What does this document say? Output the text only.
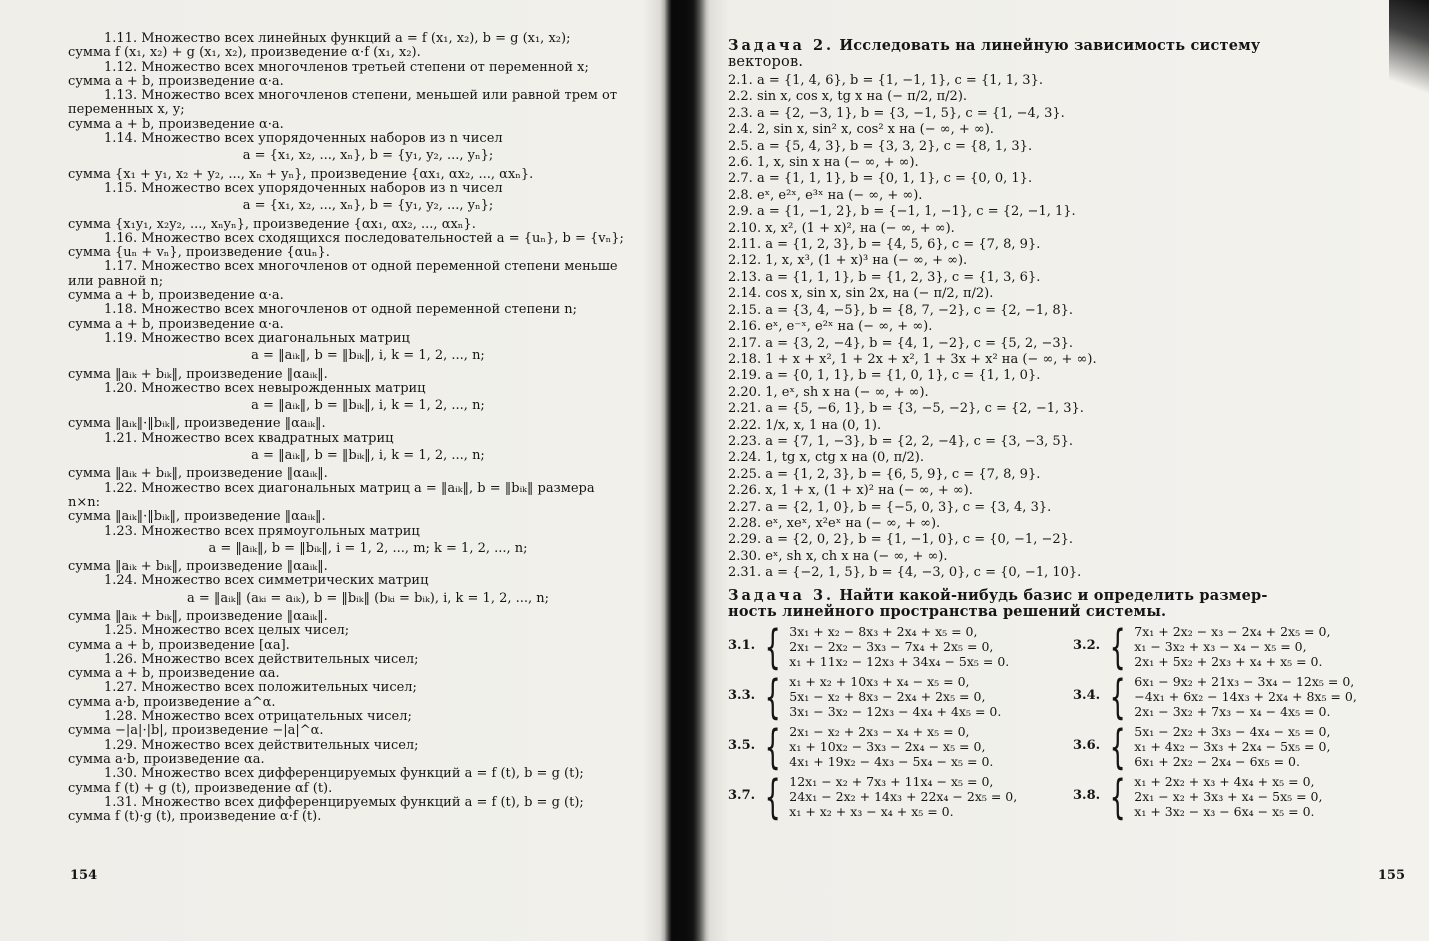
1.11. Множество всех линейных функций a = f (x₁, x₂), b = g (x₁, x₂);
сумма f (x₁, x₂) + g (x₁, x₂), произведение α·f (x₁, x₂).
1.12. Множество всех многочленов третьей степени от переменной x;
сумма a + b, произведение α·a.
1.13. Множество всех многочленов степени, меньшей или равной трем от
переменных x, y;
сумма a + b, произведение α·a.
1.14. Множество всех упорядоченных наборов из n чисел
a = {x₁, x₂, ..., xₙ}, b = {y₁, y₂, ..., yₙ};
сумма {x₁ + y₁, x₂ + y₂, ..., xₙ + yₙ}, произведение {αx₁, αx₂, ..., αxₙ}.
1.15. Множество всех упорядоченных наборов из n чисел
a = {x₁, x₂, ..., xₙ}, b = {y₁, y₂, ..., yₙ};
сумма {x₁y₁, x₂y₂, ..., xₙyₙ}, произведение {αx₁, αx₂, ..., αxₙ}.
1.16. Множество всех сходящихся последовательностей a = {uₙ}, b = {vₙ};
сумма {uₙ + vₙ}, произведение {αuₙ}.
1.17. Множество всех многочленов от одной переменной степени меньше
или равной n;
сумма a + b, произведение α·a.
1.18. Множество всех многочленов от одной переменной степени n;
сумма a + b, произведение α·a.
1.19. Множество всех диагональных матриц
a = ‖aᵢₖ‖, b = ‖bᵢₖ‖, i, k = 1, 2, ..., n;
сумма ‖aᵢₖ + bᵢₖ‖, произведение ‖αaᵢₖ‖.
1.20. Множество всех невырожденных матриц
a = ‖aᵢₖ‖, b = ‖bᵢₖ‖, i, k = 1, 2, ..., n;
сумма ‖aᵢₖ‖·‖bᵢₖ‖, произведение ‖αaᵢₖ‖.
1.21. Множество всех квадратных матриц
a = ‖aᵢₖ‖, b = ‖bᵢₖ‖, i, k = 1, 2, ..., n;
сумма ‖aᵢₖ + bᵢₖ‖, произведение ‖αaᵢₖ‖.
1.22. Множество всех диагональных матриц a = ‖aᵢₖ‖, b = ‖bᵢₖ‖ размера
n×n:
сумма ‖aᵢₖ‖·‖bᵢₖ‖, произведение ‖αaᵢₖ‖.
1.23. Множество всех прямоугольных матриц
a = ‖aᵢₖ‖, b = ‖bᵢₖ‖, i = 1, 2, ..., m; k = 1, 2, ..., n;
сумма ‖aᵢₖ + bᵢₖ‖, произведение ‖αaᵢₖ‖.
1.24. Множество всех симметрических матриц
a = ‖aᵢₖ‖ (aₖᵢ = aᵢₖ), b = ‖bᵢₖ‖ (bₖᵢ = bᵢₖ), i, k = 1, 2, ..., n;
сумма ‖aᵢₖ + bᵢₖ‖, произведение ‖αaᵢₖ‖.
1.25. Множество всех целых чисел;
сумма a + b, произведение [αa].
1.26. Множество всех действительных чисел;
сумма a + b, произведение αa.
1.27. Множество всех положительных чисел;
сумма a·b, произведение a^α.
1.28. Множество всех отрицательных чисел;
сумма −|a|·|b|, произведение −|a|^α.
1.29. Множество всех действительных чисел;
сумма a·b, произведение αa.
1.30. Множество всех дифференцируемых функций a = f (t), b = g (t);
сумма f (t) + g (t), произведение αf (t).
1.31. Множество всех дифференцируемых функций a = f (t), b = g (t);
сумма f (t)·g (t), произведение α·f (t).
154
Задача 2. Исследовать на линейную зависимость систему
векторов.
2.1. a = {1, 4, 6}, b = {1, −1, 1}, c = {1, 1, 3}.
2.2. sin x, cos x, tg x на (− π/2, π/2).
2.3. a = {2, −3, 1}, b = {3, −1, 5}, c = {1, −4, 3}.
2.4. 2, sin x, sin² x, cos² x на (− ∞, + ∞).
2.5. a = {5, 4, 3}, b = {3, 3, 2}, c = {8, 1, 3}.
2.6. 1, x, sin x на (− ∞, + ∞).
2.7. a = {1, 1, 1}, b = {0, 1, 1}, c = {0, 0, 1}.
2.8. eˣ, e²ˣ, e³ˣ на (− ∞, + ∞).
2.9. a = {1, −1, 2}, b = {−1, 1, −1}, c = {2, −1, 1}.
2.10. x, x², (1 + x)², на (− ∞, + ∞).
2.11. a = {1, 2, 3}, b = {4, 5, 6}, c = {7, 8, 9}.
2.12. 1, x, x³, (1 + x)³ на (− ∞, + ∞).
2.13. a = {1, 1, 1}, b = {1, 2, 3}, c = {1, 3, 6}.
2.14. cos x, sin x, sin 2x, на (− π/2, π/2).
2.15. a = {3, 4, −5}, b = {8, 7, −2}, c = {2, −1, 8}.
2.16. eˣ, e⁻ˣ, e²ˣ на (− ∞, + ∞).
2.17. a = {3, 2, −4}, b = {4, 1, −2}, c = {5, 2, −3}.
2.18. 1 + x + x², 1 + 2x + x², 1 + 3x + x² на (− ∞, + ∞).
2.19. a = {0, 1, 1}, b = {1, 0, 1}, c = {1, 1, 0}.
2.20. 1, eˣ, sh x на (− ∞, + ∞).
2.21. a = {5, −6, 1}, b = {3, −5, −2}, c = {2, −1, 3}.
2.22. 1/x, x, 1 на (0, 1).
2.23. a = {7, 1, −3}, b = {2, 2, −4}, c = {3, −3, 5}.
2.24. 1, tg x, ctg x на (0, π/2).
2.25. a = {1, 2, 3}, b = {6, 5, 9}, c = {7, 8, 9}.
2.26. x, 1 + x, (1 + x)² на (− ∞, + ∞).
2.27. a = {2, 1, 0}, b = {−5, 0, 3}, c = {3, 4, 3}.
2.28. eˣ, xeˣ, x²eˣ на (− ∞, + ∞).
2.29. a = {2, 0, 2}, b = {1, −1, 0}, c = {0, −1, −2}.
2.30. eˣ, sh x, ch x на (− ∞, + ∞).
2.31. a = {−2, 1, 5}, b = {4, −3, 0}, c = {0, −1, 10}.
Задача 3. Найти какой-нибудь базис и определить размер-
ность линейного пространства решений системы.
3.1. { 3x₁ + x₂ − 8x₃ + 2x₄ + x₅ = 0,
2x₁ − 2x₂ − 3x₃ − 7x₄ + 2x₅ = 0,
x₁ + 11x₂ − 12x₃ + 34x₄ − 5x₅ = 0.
3.2. { 7x₁ + 2x₂ − x₃ − 2x₄ + 2x₅ = 0,
x₁ − 3x₂ + x₃ − x₄ − x₅ = 0,
2x₁ + 5x₂ + 2x₃ + x₄ + x₅ = 0.
3.3. { x₁ + x₂ + 10x₃ + x₄ − x₅ = 0,
5x₁ − x₂ + 8x₃ − 2x₄ + 2x₅ = 0,
3x₁ − 3x₂ − 12x₃ − 4x₄ + 4x₅ = 0.
3.4. { 6x₁ − 9x₂ + 21x₃ − 3x₄ − 12x₅ = 0,
−4x₁ + 6x₂ − 14x₃ + 2x₄ + 8x₅ = 0,
2x₁ − 3x₂ + 7x₃ − x₄ − 4x₅ = 0.
3.5. { 2x₁ − x₂ + 2x₃ − x₄ + x₅ = 0,
x₁ + 10x₂ − 3x₃ − 2x₄ − x₅ = 0,
4x₁ + 19x₂ − 4x₃ − 5x₄ − x₅ = 0.
3.6. { 5x₁ − 2x₂ + 3x₃ − 4x₄ − x₅ = 0,
x₁ + 4x₂ − 3x₃ + 2x₄ − 5x₅ = 0,
6x₁ + 2x₂ − 2x₄ − 6x₅ = 0.
3.7. { 12x₁ − x₂ + 7x₃ + 11x₄ − x₅ = 0,
24x₁ − 2x₂ + 14x₃ + 22x₄ − 2x₅ = 0,
x₁ + x₂ + x₃ − x₄ + x₅ = 0.
3.8. { x₁ + 2x₂ + x₃ + 4x₄ + x₅ = 0,
2x₁ − x₂ + 3x₃ + x₄ − 5x₅ = 0,
x₁ + 3x₂ − x₃ − 6x₄ − x₅ = 0.
155
